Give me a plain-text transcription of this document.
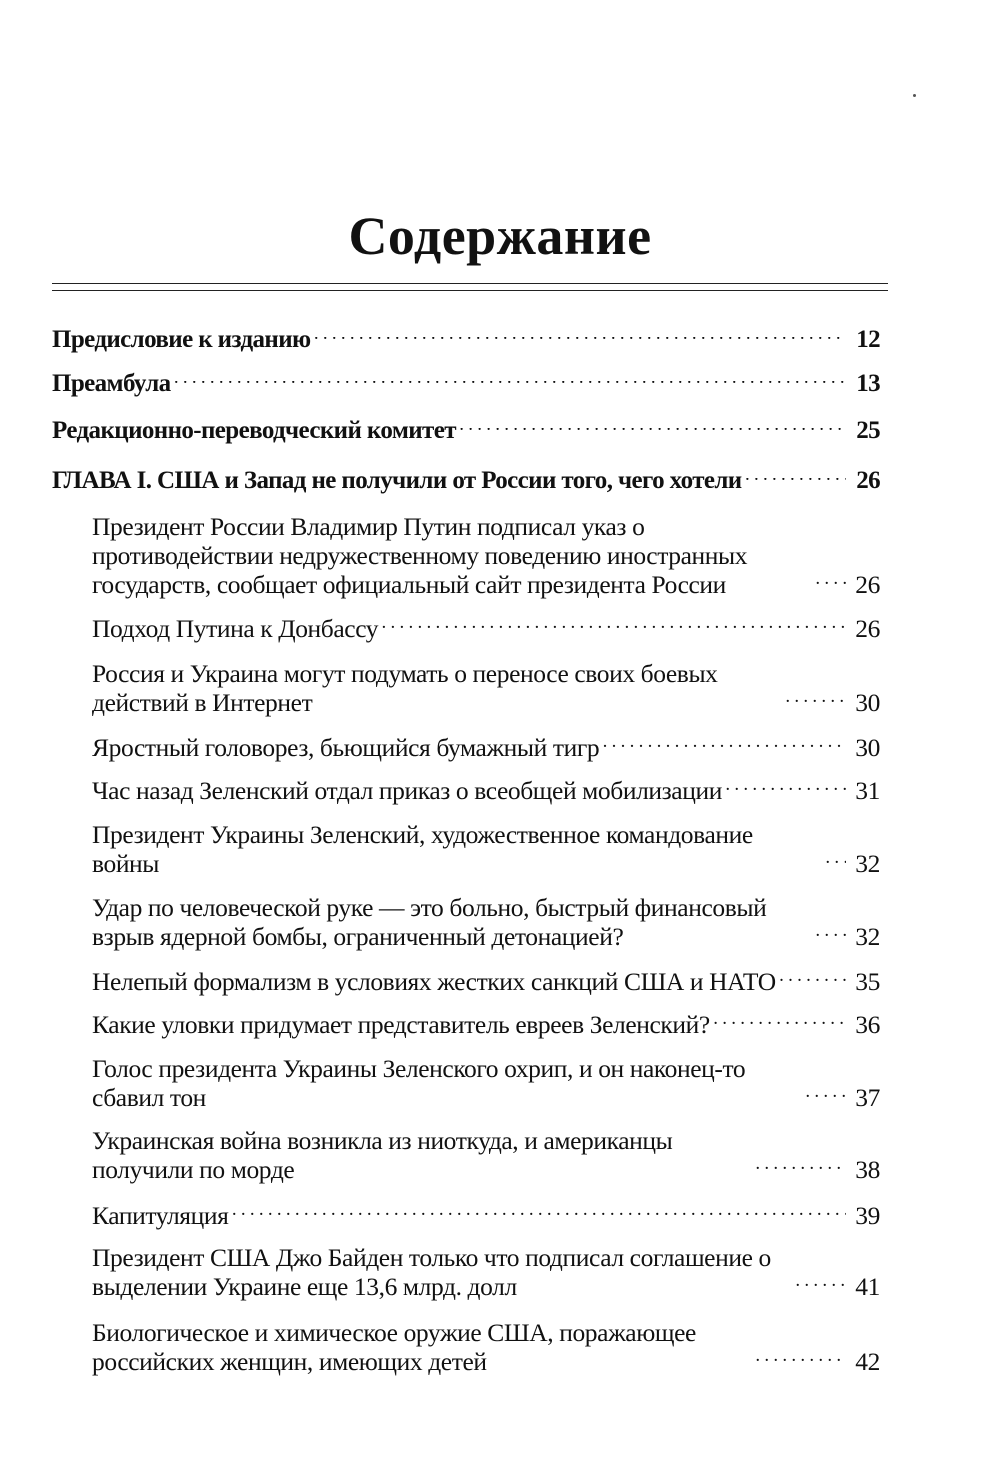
Содержание
Предисловие к изданию . . .	12
Преамбула . . .	13
Редакционно-переводческий комитет . . .	25
ГЛАВА I. США и Запад не получили от России того, чего хотели . . .	26
Президент России Владимир Путин подписал указ о противодействии недружественному поведению иностранных государств, сообщает официальный сайт президента России . . .	26
Подход Путина к Донбассу . . .	26
Россия и Украина могут подумать о переносе своих боевых действий в Интернет . . .	30
Яростный головорез, бьющийся бумажный тигр . . .	30
Час назад Зеленский отдал приказ о всеобщей мобилизации . . .	31
Президент Украины Зеленский, художественное командование войны . . .	32
Удар по человеческой руке — это больно, быстрый финансовый взрыв ядерной бомбы, ограниченный детонацией? . . .	32
Нелепый формализм в условиях жестких санкций США и НАТО . . .	35
Какие уловки придумает представитель евреев Зеленский? . . .	36
Голос президента Украины Зеленского охрип, и он наконец-то сбавил тон . . .	37
Украинская война возникла из ниоткуда, и американцы получили по морде . . .	38
Капитуляция . . .	39
Президент США Джо Байден только что подписал соглашение о выделении Украине еще 13,6 млрд. долл . . .	41
Биологическое и химическое оружие США, поражающее российских женщин, имеющих детей . . .	42
